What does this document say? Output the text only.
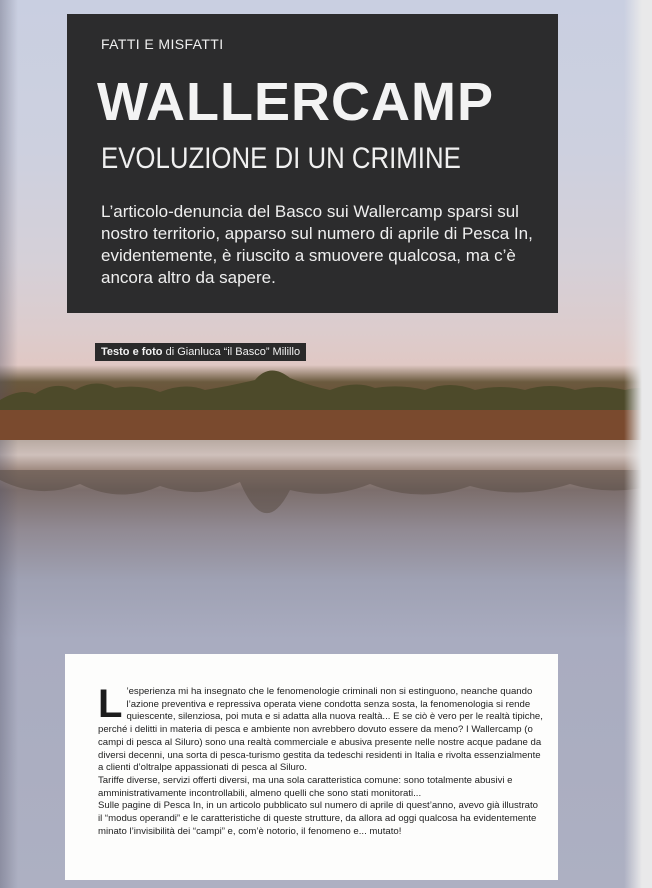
FATTI E MISFATTI
WALLERCAMP
EVOLUZIONE DI UN CRIMINE
L’articolo-denuncia del Basco sui Wallercamp sparsi sul nostro territorio, apparso sul numero di aprile di Pesca In, evidentemente, è riuscito a smuovere qualcosa, ma c’è ancora altro da sapere.
Testo e foto di Gianluca “il Basco” Milillo
L ’esperienza mi ha insegnato che le fenomenologie criminali non si estinguono, neanche quando l’azione preventiva e repressiva operata viene condotta senza sosta, la fenomenologia si rende quiescente, silenziosa, poi muta e si adatta alla nuova realtà... E se ciò è vero per le realtà tipiche, perché i delitti in materia di pesca e ambiente non avrebbero dovuto essere da meno? I Wallercamp (o campi di pesca al Siluro) sono una realtà commerciale e abusiva presente nelle nostre acque padane da diversi decenni, una sorta di pesca-turismo gestita da tedeschi residenti in Italia e rivolta essenzialmente a clienti d’oltralpe appassionati di pesca al Siluro.
Tariffe diverse, servizi offerti diversi, ma una sola caratteristica comune: sono totalmente abusivi e amministrativamente incontrollabili, almeno quelli che sono stati monitorati...
Sulle pagine di Pesca In, in un articolo pubblicato sul numero di aprile di quest’anno, avevo già illustrato il “modus operandi” e le caratteristiche di queste strutture, da allora ad oggi qualcosa ha evidentemente minato l’invisibilità dei “campi” e, com’è notorio, il fenomeno e... mutato!
